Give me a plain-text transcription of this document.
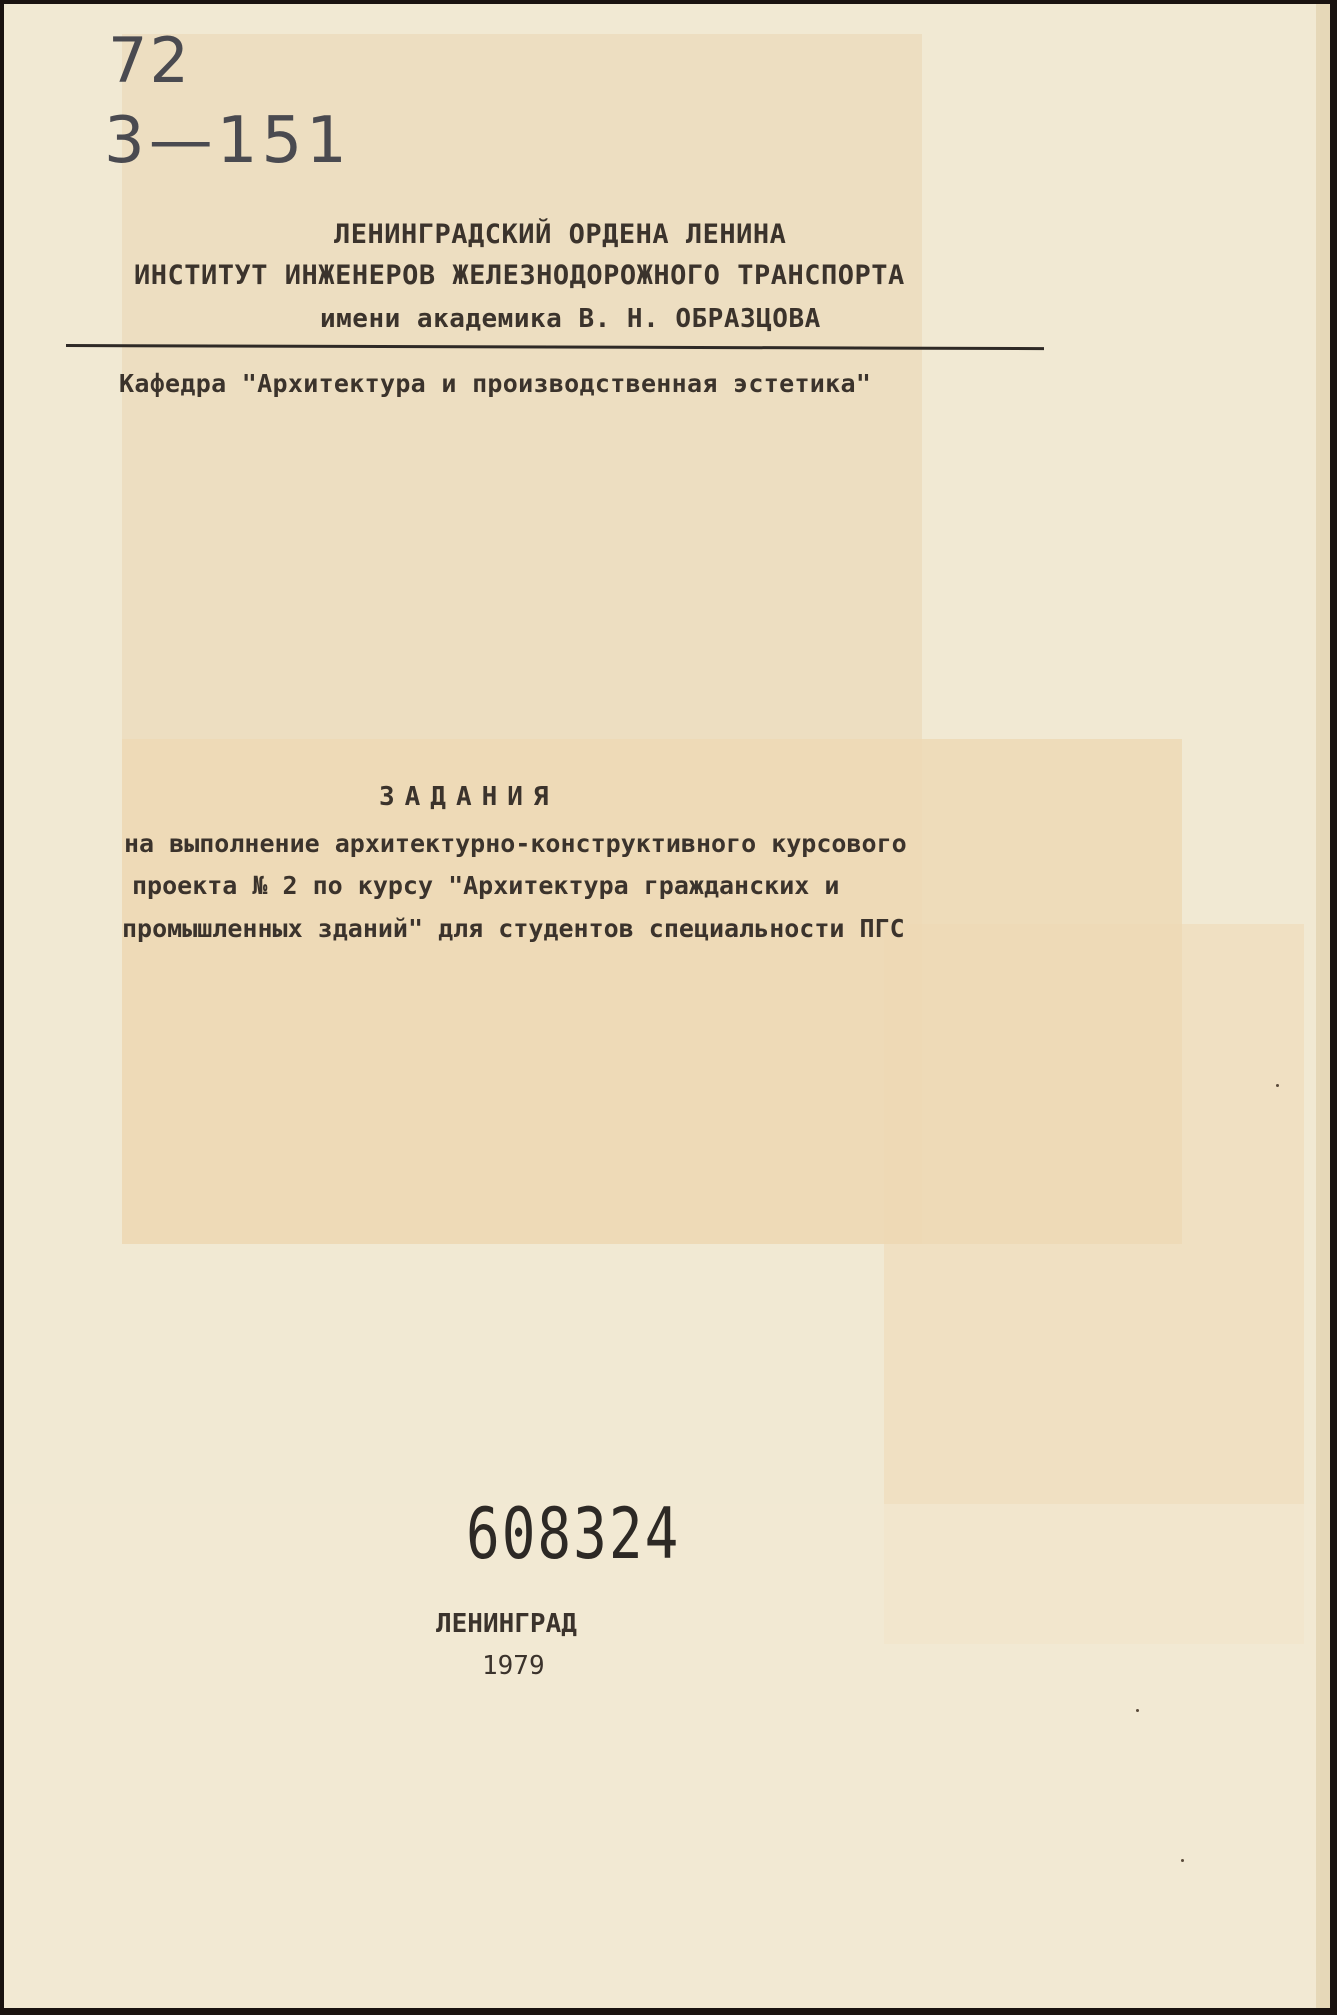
72
3—151
ЛЕНИНГРАДСКИЙ ОРДЕНА ЛЕНИНА
ИНСТИТУТ ИНЖЕНЕРОВ ЖЕЛЕЗНОДОРОЖНОГО ТРАНСПОРТА
имени академика В. Н. ОБРАЗЦОВА
Кафедра "Архитектура и производственная эстетика"
ЗАДАНИЯ
на выполнение архитектурно-конструктивного курсового
проекта № 2 по курсу "Архитектура гражданских и
промышленных зданий" для студентов специальности ПГС
608324
ЛЕНИНГРАД
1979
